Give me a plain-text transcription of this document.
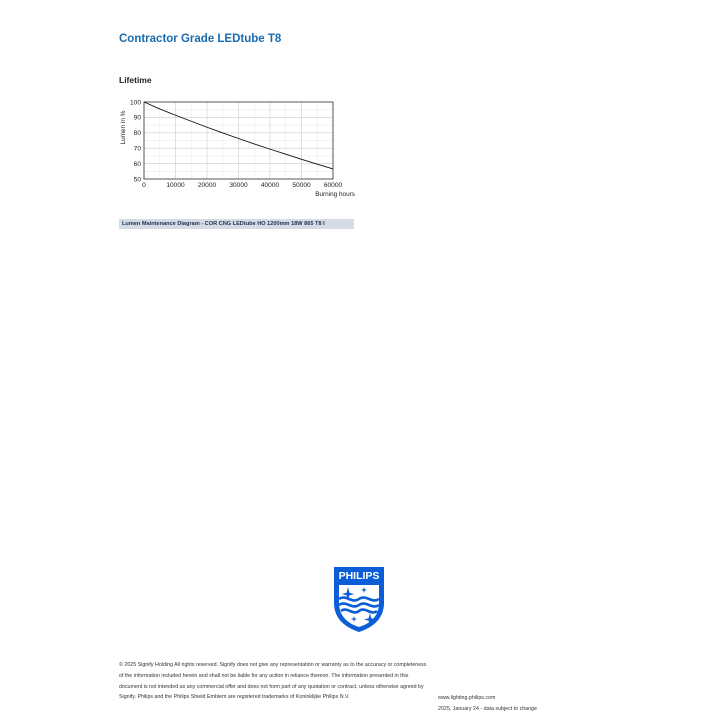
Contractor Grade LEDtube T8
Lifetime
0	10000 20000 30000 40000 50000 60000
50
60
70
80
90
100
Burning hours
Lumen in %
Lumen Maintenance Diagram - COR CNG LEDtube HO 1200mm 18W 865 T8 I
PHILIPS

© 2025 Signify Holding All rights reserved. Signify does not give any representation or warranty as to the accuracy or completeness of the information included herein and shall not be liable for any action in reliance thereon. The information presented in this document is not intended as any commercial offer and does not form part of any quotation or contract, unless otherwise agreed by Signify. Philips and the Philips Shield Emblem are registered trademarks of Koninklijke Philips N.V.	www.lighting.philips.com
2025, January 24 - data subject to change
